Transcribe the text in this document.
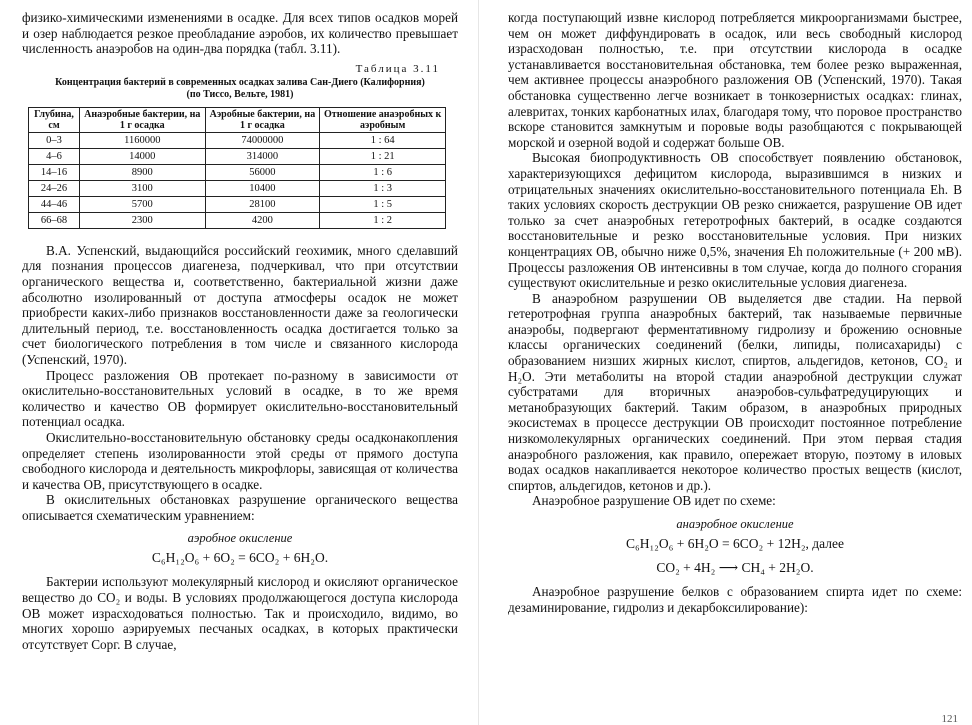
физико-химическими изменениями в осадке. Для всех типов осадков морей и озер наблюдается резкое преобладание аэробов, их количество превышает численность анаэробов на один-два порядка (табл. 3.11).

Таблица 3.11
Концентрация бактерий в современных осадках залива Сан-Диего (Калифорния)
(по Тиссо, Вельте, 1981)
Глубина, см	Анаэробные бактерии, на 1 г осадка	Аэробные бактерии, на 1 г осадка	Отношение анаэробных к аэробным
0–3	1160000	74000000	1 : 64
4–6	14000	314000	1 : 21
14–16	8900	56000	1 : 6
24–26	3100	10400	1 : 3
44–46	5700	28100	1 : 5
66–68	2300	4200	1 : 2

В.А. Успенский, выдающийся российский геохимик, много сделавший для познания процессов диагенеза, подчеркивал, что при отсутствии органического вещества и, соответственно, бактериальной жизни даже абсолютно изолированный от доступа атмосферы осадок не может приобрести каких-либо признаков восстановленности даже за геологически длительный период, т.е. восстановленность осадка достигается только за счет биологического потребления в том числе и связанного кислорода (Успенский, 1970).

Процесс разложения ОВ протекает по-разному в зависимости от окислительно-восстановительных условий в осадке, в то же время количество и качество ОВ формирует окислительно-восстановительный потенциал осадка.

Окислительно-восстановительную обстановку среды осадконакопления определяет степень изолированности этой среды от прямого доступа свободного кислорода и деятельность микрофлоры, зависящая от количества и качества ОВ, присутствующего в осадке.

В окислительных обстановках разрушение органического вещества описывается схематическим уравнением:

аэробное окисление
C₆H₁₂O₆ + 6O₂ = 6CO₂ + 6H₂O.

Бактерии используют молекулярный кислород и окисляют органическое вещество до CO₂ и воды. В условиях продолжающегося доступа кислорода ОВ может израсходоваться полностью. Так и происходило, видимо, во многих хорошо аэрируемых песчаных осадках, в которых практически отсутствует Cорг. В случае,

когда поступающий извне кислород потребляется микроорганизмами быстрее, чем он может диффундировать в осадок, или весь свободный кислород израсходован полностью, т.е. при отсутствии кислорода в осадке устанавливается восстановительная обстановка, тем более резко выраженная, чем активнее процессы анаэробного разложения ОВ (Успенский, 1970). Такая обстановка существенно легче возникает в тонкозернистых осадках: глинах, алевритах, тонких карбонатных илах, благодаря тому, что поровое пространство вскоре становится замкнутым и поровые воды разобщаются с покрывающей морской и озерной водой и содержат больше ОВ.

Высокая биопродуктивность ОВ способствует появлению обстановок, характеризующихся дефицитом кислорода, выразившимся в низких и отрицательных значениях окислительно-восстановительного потенциала Eh. В таких условиях скорость деструкции ОВ резко снижается, разрушение ОВ идет только за счет анаэробных гетеротрофных бактерий, в осадке создаются восстановительные и резко восстановительные условия. При низких концентрациях ОВ, обычно ниже 0,5%, значения Eh положительные (+ 200 мВ). Процессы разложения ОВ интенсивны в том случае, когда до полного сгорания существуют окислительные и резко окислительные условия диагенеза.

В анаэробном разрушении ОВ выделяется две стадии. На первой гетеротрофная группа анаэробных бактерий, так называемые первичные анаэробы, подвергают ферментативному гидролизу и брожению основные классы органических соединений (белки, липиды, полисахариды) с образованием низших жирных кислот, спиртов, альдегидов, кетонов, CO₂ и H₂O. Эти метаболиты на второй стадии анаэробной деструкции служат субстратами для вторичных анаэробов-сульфатредуцирующих и метанобразующих бактерий. Таким образом, в анаэробных природных экосистемах в процессе деструкции ОВ происходит постоянное потребление низкомолекулярных органических соединений. При этом первая стадия анаэробного разложения, как правило, опережает вторую, поэтому в иловых водах осадков накапливается некоторое количество простых веществ (кислот, спиртов, альдегидов, кетонов и др.).

Анаэробное разрушение ОВ идет по схеме:

анаэробное окисление
C₆H₁₂O₆ + 6H₂O = 6CO₂ + 12H₂, далее
CO₂ + 4H₂ ⟶ CH₄ + 2H₂O.

Анаэробное разрушение белков с образованием спирта идет по схеме: дезаминирование, гидролиз и декарбоксилирование):

121
